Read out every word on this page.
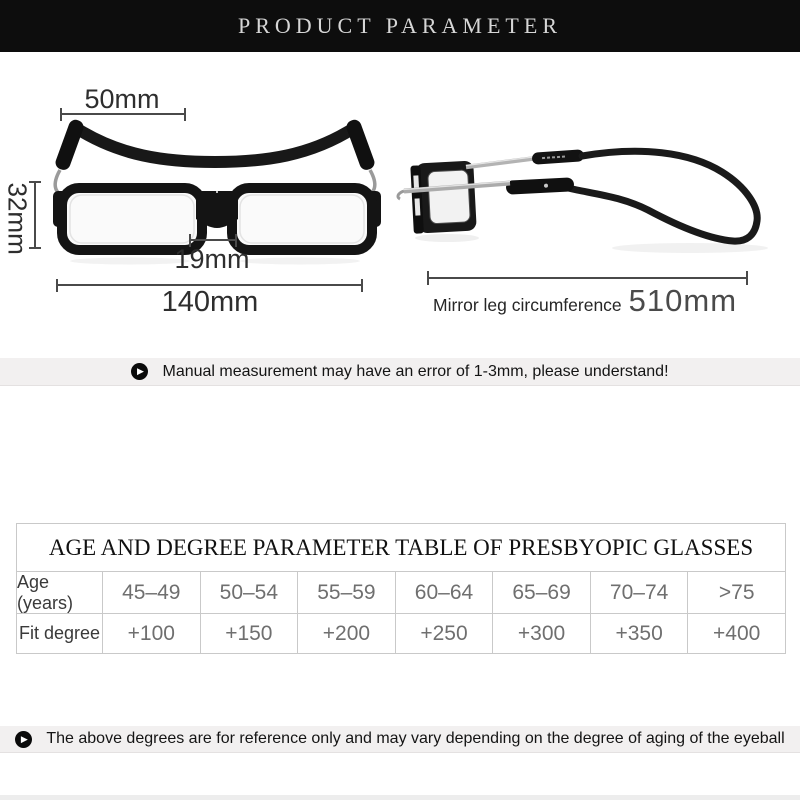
PRODUCT PARAMETER
50mm
32mm
19mm
140mm	Mirror leg circumference 510mm
▶ Manual measurement may have an error of 1-3mm, please understand!
AGE AND DEGREE PARAMETER TABLE OF PRESBYOPIC GLASSES
Age (years)	45–49	50–54	55–59	60–64	65–69	70–74	>75
Fit degree	+100	+150	+200	+250	+300	+350	+400
▶ The above degrees are for reference only and may vary depending on the degree of aging of the eyeball
